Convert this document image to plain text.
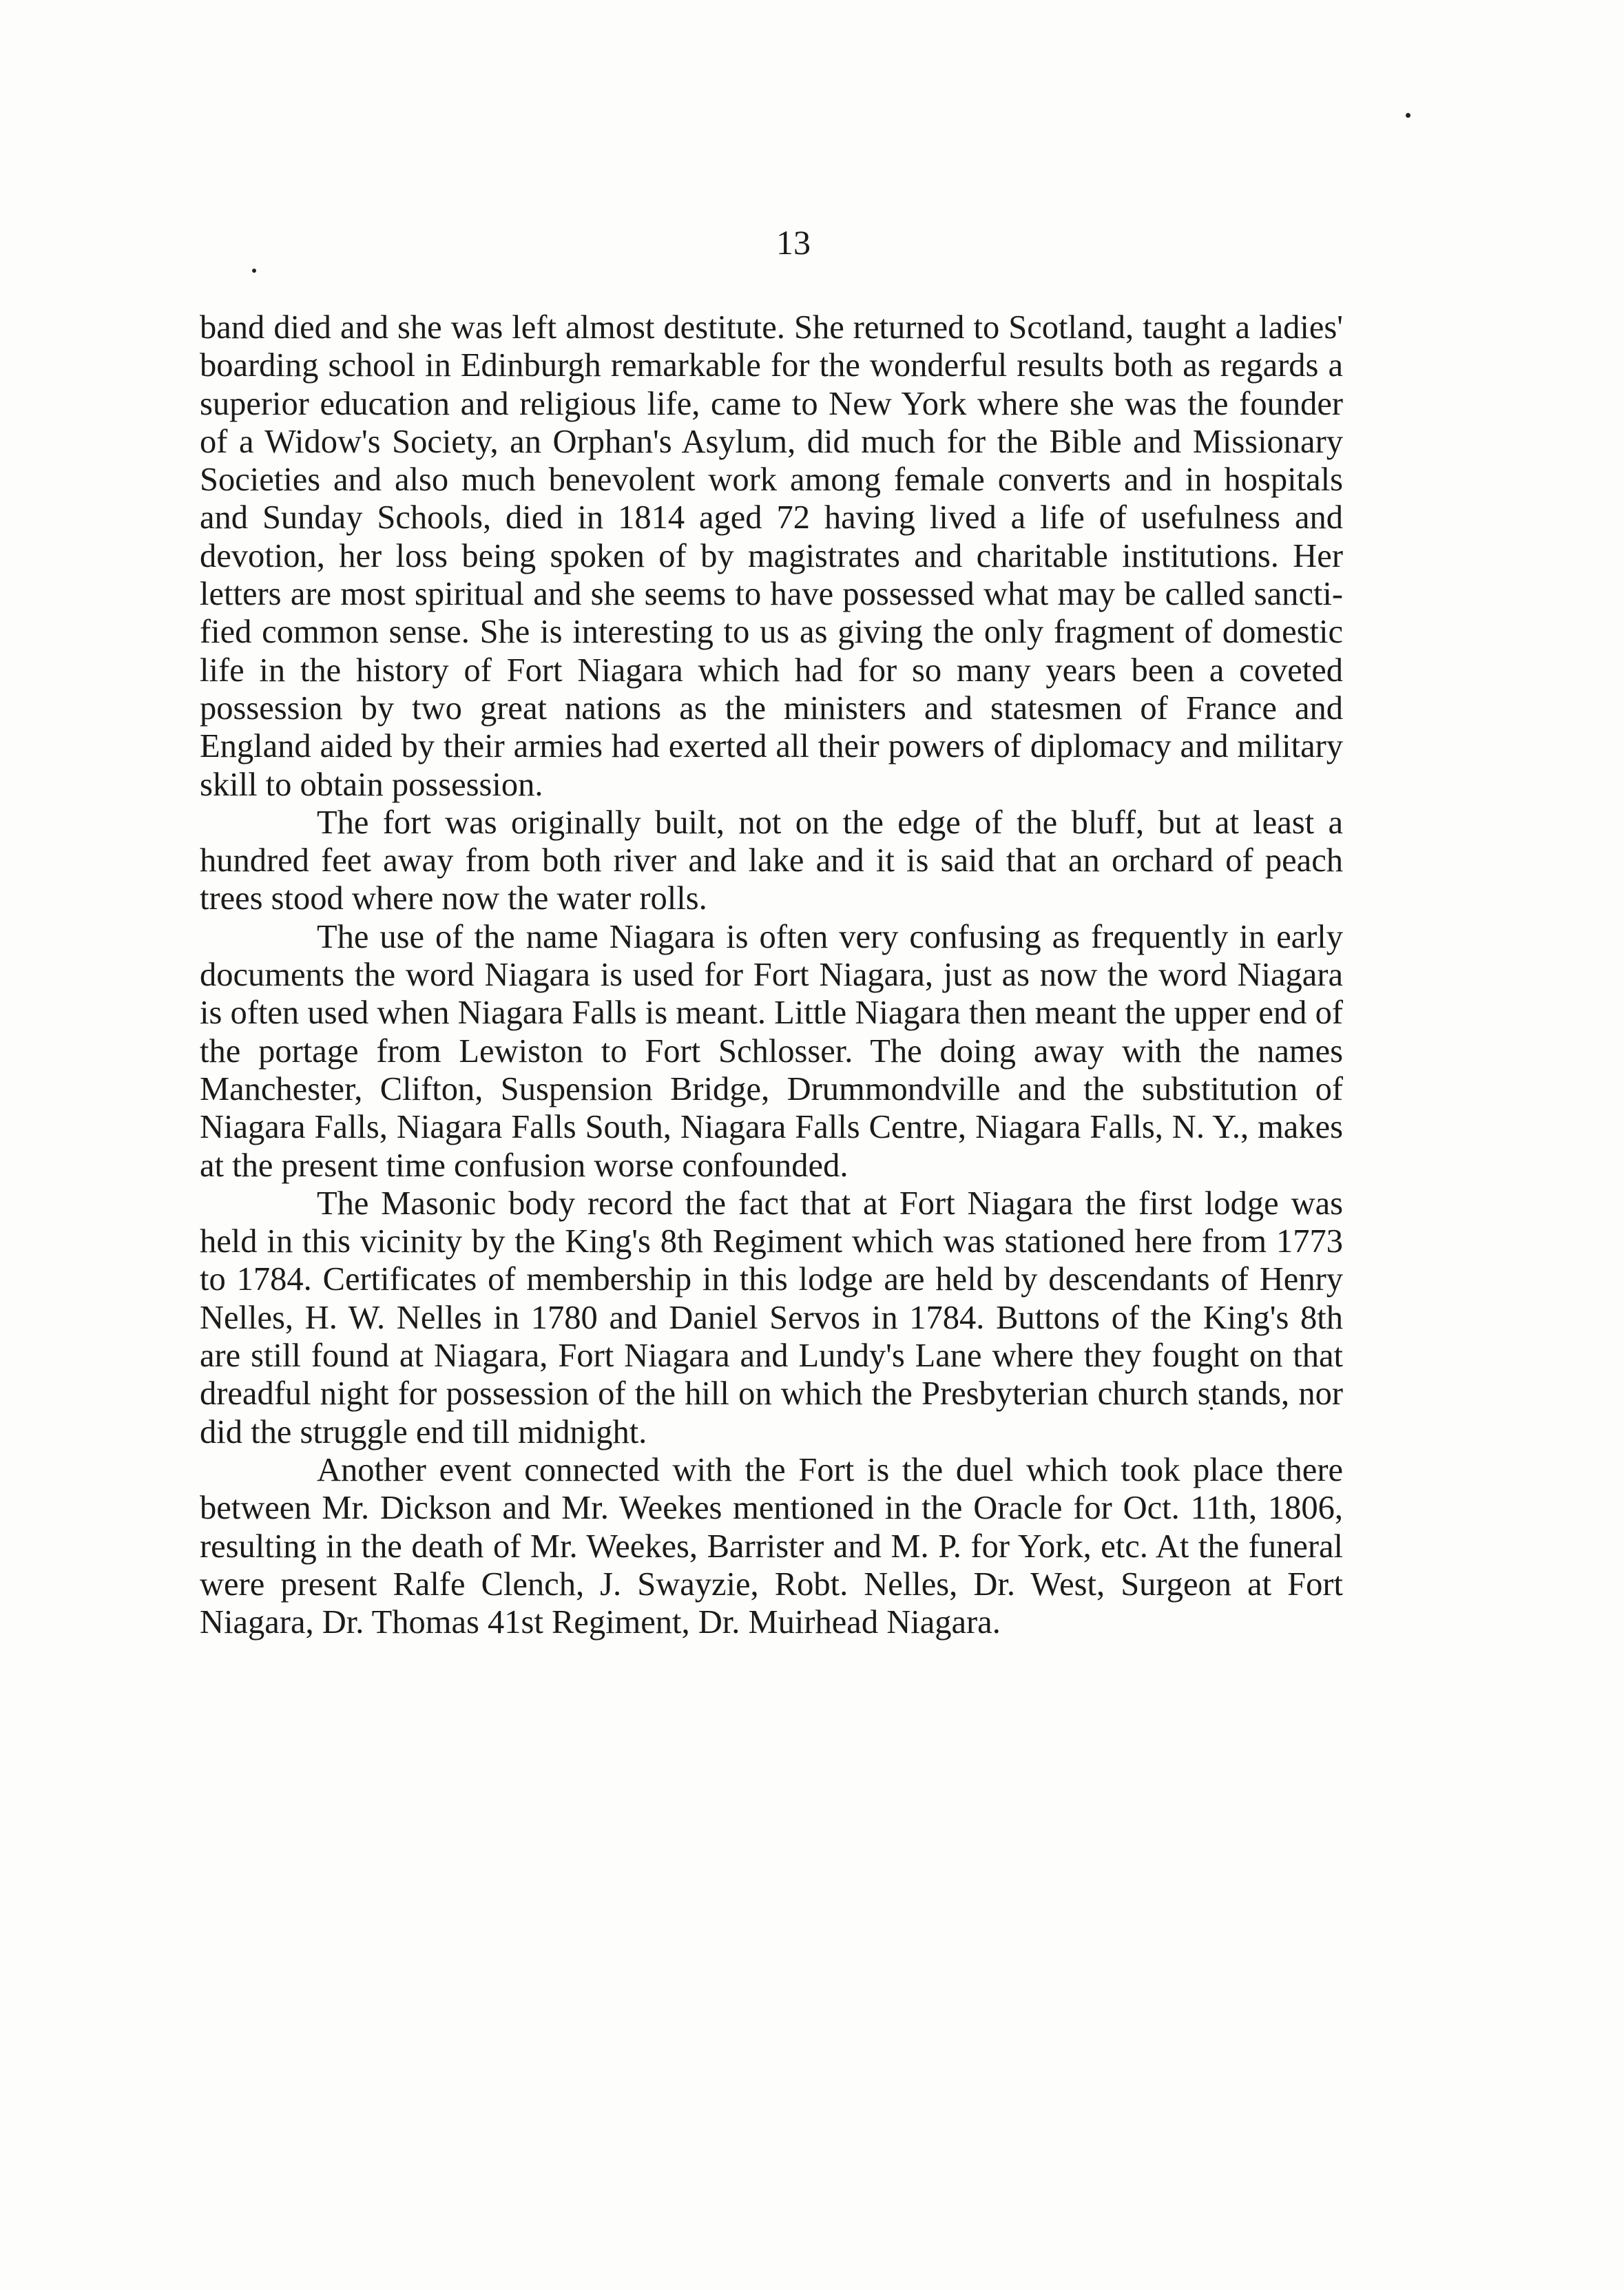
13

band died and she was left almost destitute. She returned to Scotland, taught a ladies' boarding school in Edinburgh remarkable for the wonderful results both as regards a superior education and religious life, came to New York where she was the founder of a Widow's Society, an Orphan's Asylum, did much for the Bible and Missionary Societies and also much benevolent work among female converts and in hospitals and Sunday Schools, died in 1814 aged 72 having lived a life of usefulness and devotion, her loss being spoken of by magistrates and charitable institutions. Her letters are most spiritual and she seems to have possessed what may be called sanctified common sense. She is interesting to us as giving the only fragment of domestic life in the history of Fort Niagara which had for so many years been a coveted possession by two great nations as the ministers and statesmen of France and England aided by their armies had exerted all their powers of diplomacy and military skill to obtain possession.

The fort was originally built, not on the edge of the bluff, but at least a hundred feet away from both river and lake and it is said that an orchard of peach trees stood where now the water rolls.

The use of the name Niagara is often very confusing as frequently in early documents the word Niagara is used for Fort Niagara, just as now the word Niagara is often used when Niagara Falls is meant. Little Niagara then meant the upper end of the portage from Lewiston to Fort Schlosser. The doing away with the names Manchester, Clifton, Suspension Bridge, Drummondville and the substitution of Niagara Falls, Niagara Falls South, Niagara Falls Centre, Niagara Falls, N. Y., makes at the present time confusion worse confounded.

The Masonic body record the fact that at Fort Niagara the first lodge was held in this vicinity by the King's 8th Regiment which was stationed here from 1773 to 1784. Certificates of membership in this lodge are held by descendants of Henry Nelles, H. W. Nelles in 1780 and Daniel Servos in 1784. Buttons of the King's 8th are still found at Niagara, Fort Niagara and Lundy's Lane where they fought on that dreadful night for possession of the hill on which the Presbyterian church stands, nor did the struggle end till midnight.

Another event connected with the Fort is the duel which took place there between Mr. Dickson and Mr. Weekes mentioned in the Oracle for Oct. 11th, 1806, resulting in the death of Mr. Weekes, Barrister and M. P. for York, etc. At the funeral were present Ralfe Clench, J. Swayzie, Robt. Nelles, Dr. West, Surgeon at Fort Niagara, Dr. Thomas 41st Regiment, Dr. Muirhead Niagara.
